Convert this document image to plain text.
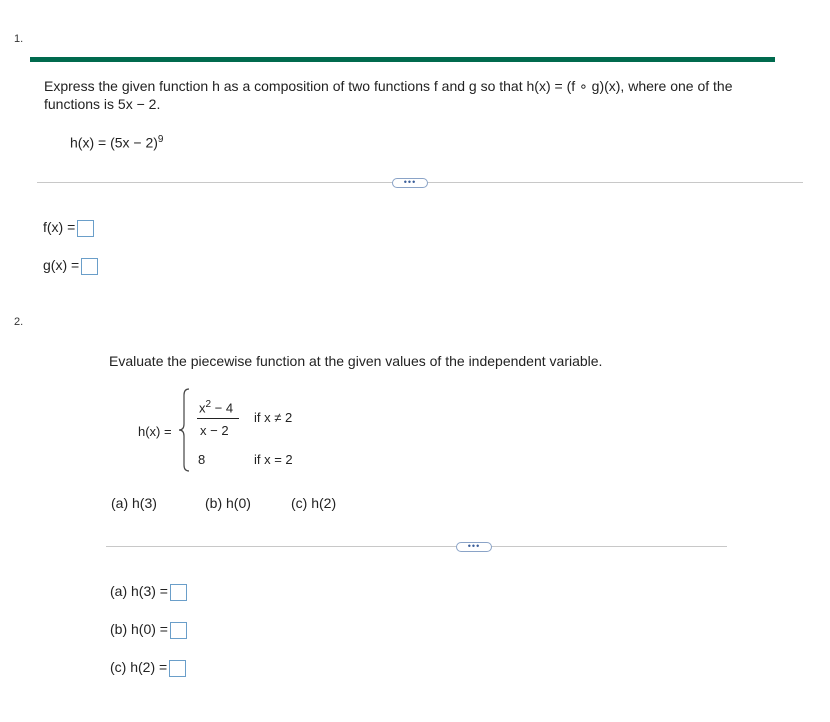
1.
Express the given function h as a composition of two functions f and g so that h(x) = (f ∘ g)(x), where one of the functions is 5x − 2.
$h(x) = (5x - 2)^9$
•••
f(x) =
g(x) =
2.
Evaluate the piecewise function at the given values of the independent variable.
h(x) =
$x^2 - 4$
x − 2
if x ≠ 2
8	if x = 2
(a) h(3)	(b) h(0)	(c) h(2)
•••
(a) h(3) =
(b) h(0) =
(c) h(2) =
